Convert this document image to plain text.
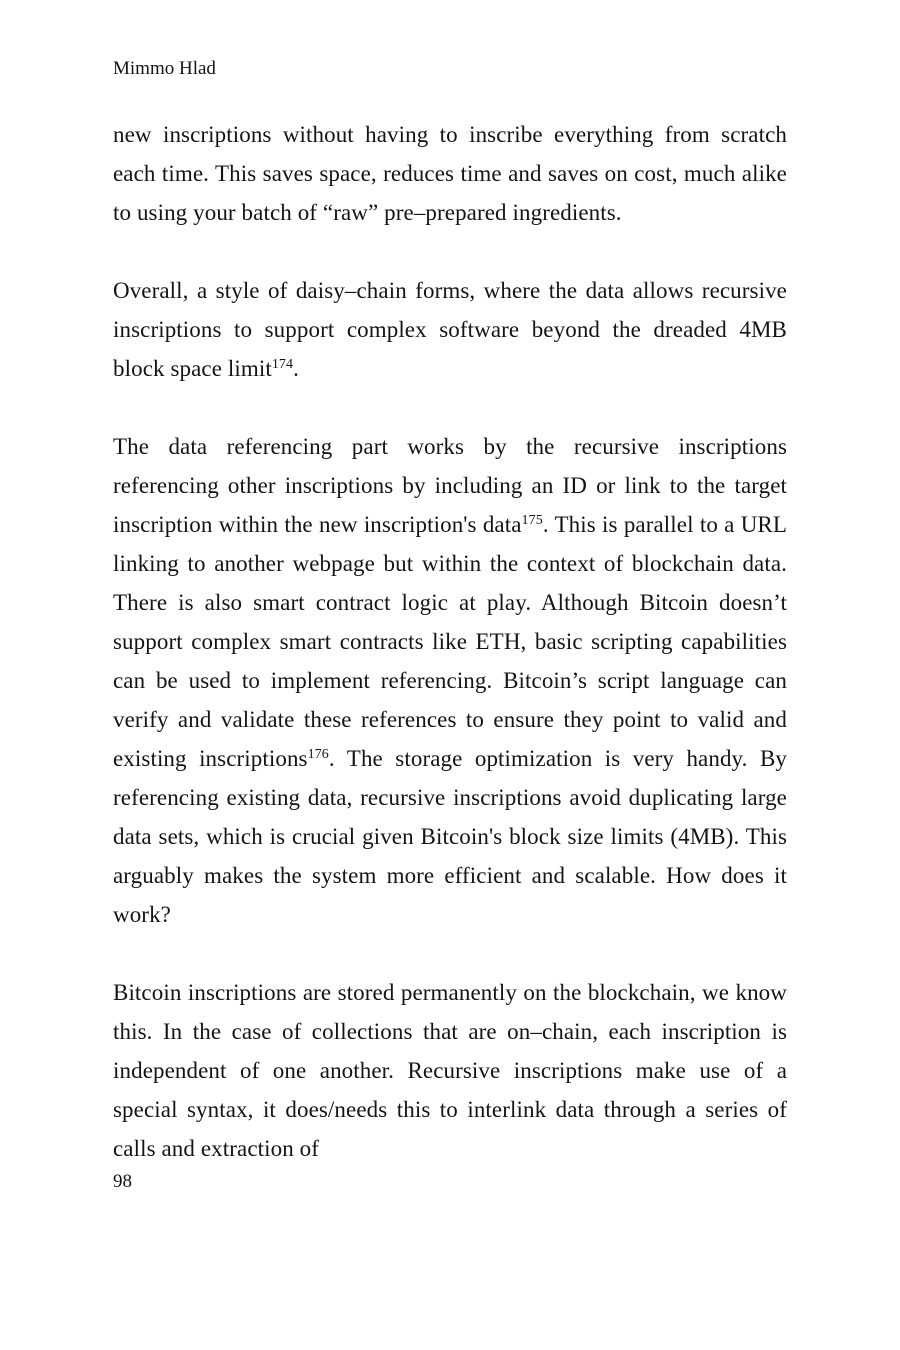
Mimmo Hlad

new inscriptions without having to inscribe everything from scratch each time. This saves space, reduces time and saves on cost, much alike to using your batch of “raw” pre–prepared ingredients.

Overall, a style of daisy–chain forms, where the data allows recursive inscriptions to support complex software beyond the dreaded 4MB block space limit$^{174}$.

The data referencing part works by the recursive inscriptions referencing other inscriptions by including an ID or link to the target inscription within the new inscription's data$^{175}$. This is parallel to a URL linking to another webpage but within the context of blockchain data. There is also smart contract logic at play. Although Bitcoin doesn’t support complex smart contracts like ETH, basic scripting capabilities can be used to implement referencing. Bitcoin’s script language can verify and validate these references to ensure they point to valid and existing inscriptions$^{176}$. The storage optimization is very handy. By referencing existing data, recursive inscriptions avoid duplicating large data sets, which is crucial given Bitcoin's block size limits (4MB). This arguably makes the system more efficient and scalable. How does it work?

Bitcoin inscriptions are stored permanently on the blockchain, we know this. In the case of collections that are on–chain, each inscription is independent of one another. Recursive inscriptions make use of a special syntax, it does/needs this to interlink data through a series of calls and extraction of

98
